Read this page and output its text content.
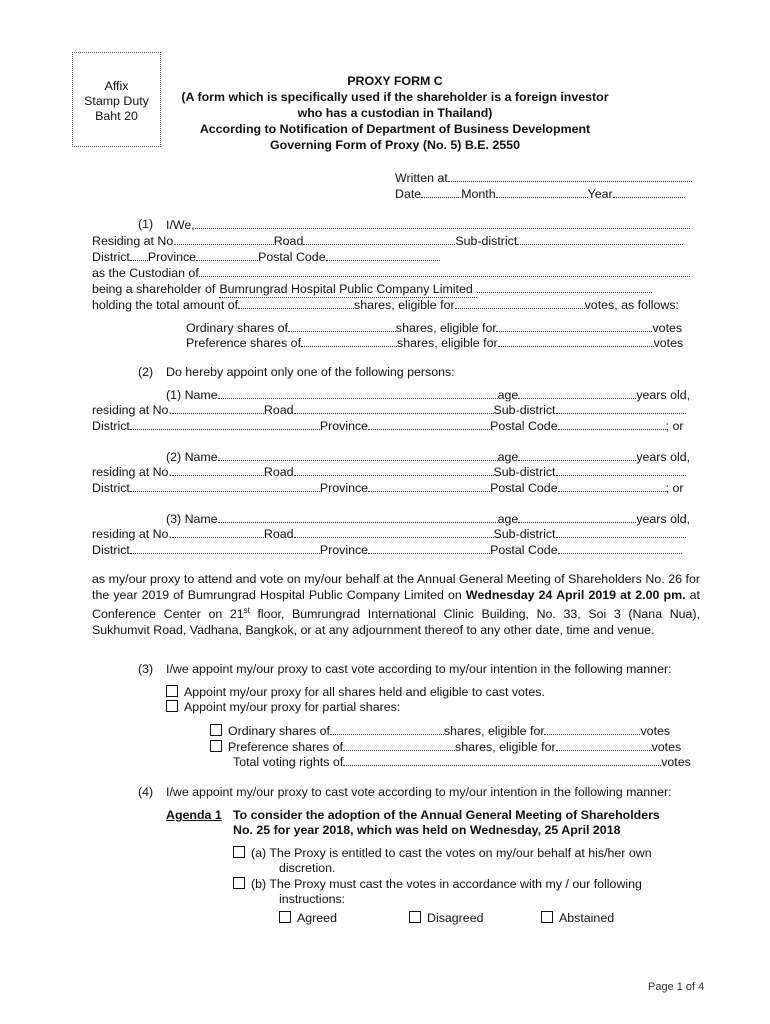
Affix
Stamp Duty
Baht 20
PROXY FORM C
(A form which is specifically used if the shareholder is a foreign investor
who has a custodian in Thailand)
According to Notification of Department of Business Development
Governing Form of Proxy (No. 5) B.E. 2550
Written at
Date	Month	Year
(1) I/We,
Residing at No.	Road	Sub-district
District Province	Postal Code
as the Custodian of
being a shareholder of Bumrungrad Hospital Public Company Limited
holding the total amount of	shares, eligible for	votes, as follows:
Ordinary shares of	shares, eligible for	votes
Preference shares of	shares, eligible for	votes
(2) Do hereby appoint only one of the following persons:
(1) Name	age	years old,
residing at No.	Road	Sub-district
District	Province	Postal Code	; or
(2) Name	age	years old,
residing at No.	Road	Sub-district
District	Province	Postal Code	; or
(3) Name	age	years old,
residing at No.	Road	Sub-district
District	Province	Postal Code
as my/our proxy to attend and vote on my/our behalf at the Annual General Meeting of Shareholders No. 26 for the year 2019 of Bumrungrad Hospital Public Company Limited on Wednesday 24 April 2019 at 2.00 pm. at Conference Center on 21st floor, Bumrungrad International Clinic Building, No. 33, Soi 3 (Nana Nua), Sukhumvit Road, Vadhana, Bangkok, or at any adjournment thereof to any other date, time and venue.
(3) I/we appoint my/our proxy to cast vote according to my/our intention in the following manner:
Appoint my/our proxy for all shares held and eligible to cast votes.
Appoint my/our proxy for partial shares:
Ordinary shares of	shares, eligible for	votes
Preference shares of	shares, eligible for	votes
Total voting rights of	votes
(4) I/we appoint my/our proxy to cast vote according to my/our intention in the following manner:
Agenda 1 To consider the adoption of the Annual General Meeting of Shareholders
No. 25 for year 2018, which was held on Wednesday, 25 April 2018
(a) The Proxy is entitled to cast the votes on my/our behalf at his/her own
discretion.
(b) The Proxy must cast the votes in accordance with my / our following
instructions:
Agreed	Disagreed	Abstained
Page 1 of 4
